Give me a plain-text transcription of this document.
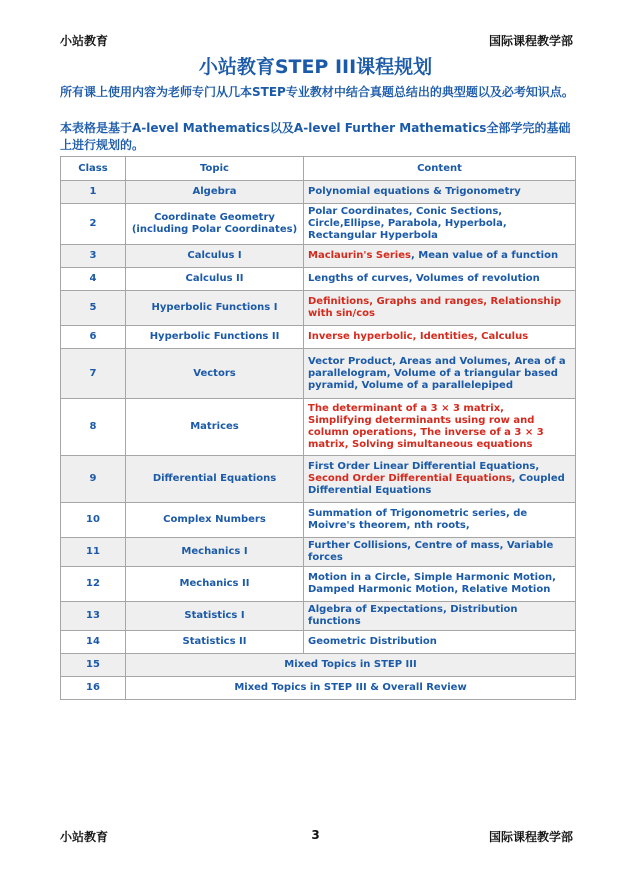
小站教育	国际课程教学部
小站教育STEP III课程规划
所有课上使用内容为老师专门从几本STEP专业教材中结合真题总结出的典型题以及必考知识点。
本表格是基于A-level Mathematics以及A-level Further Mathematics全部学完的基础上进行规划的。
Class	Topic	Content
1	Algebra	Polynomial equations & Trigonometry
2	Coordinate Geometry (including Polar Coordinates)	Polar Coordinates, Conic Sections, Circle,Ellipse, Parabola, Hyperbola, Rectangular Hyperbola
3	Calculus I	Maclaurin's Series, Mean value of a function
4	Calculus II	Lengths of curves, Volumes of revolution
5	Hyperbolic Functions I	Definitions, Graphs and ranges, Relationship with sin/cos
6	Hyperbolic Functions II	Inverse hyperbolic, Identities, Calculus
7	Vectors	Vector Product, Areas and Volumes, Area of a parallelogram, Volume of a triangular based pyramid, Volume of a parallelepiped
8	Matrices	The determinant of a 3 × 3 matrix, Simplifying determinants using row and column operations, The inverse of a 3 × 3 matrix, Solving simultaneous equations
9	Differential Equations	First Order Linear Differential Equations, Second Order Differential Equations, Coupled Differential Equations
10	Complex Numbers	Summation of Trigonometric series, de Moivre's theorem, nth roots,
11	Mechanics I	Further Collisions, Centre of mass, Variable forces
12	Mechanics II	Motion in a Circle, Simple Harmonic Motion, Damped Harmonic Motion, Relative Motion
13	Statistics I	Algebra of Expectations, Distribution functions
14	Statistics II	Geometric Distribution
15	Mixed Topics in STEP III	
16	Mixed Topics in STEP III & Overall Review	
小站教育	3	国际课程教学部
